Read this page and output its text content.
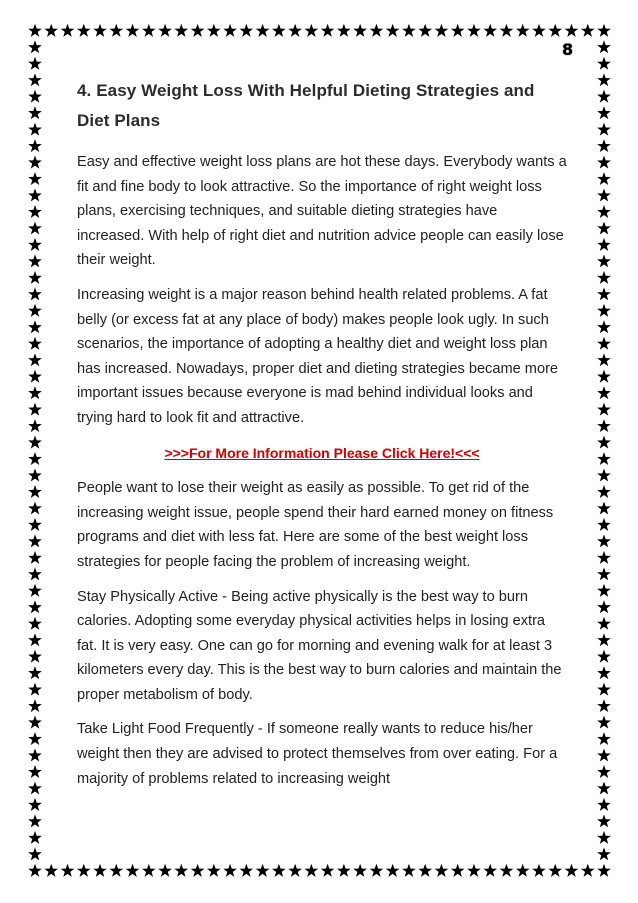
8
4. Easy Weight Loss With Helpful Dieting Strategies and Diet Plans

Easy and effective weight loss plans are hot these days. Everybody wants a fit and fine body to look attractive. So the importance of right weight loss plans, exercising techniques, and suitable dieting strategies have increased. With help of right diet and nutrition advice people can easily lose their weight.

Increasing weight is a major reason behind health related problems. A fat belly (or excess fat at any place of body) makes people look ugly. In such scenarios, the importance of adopting a healthy diet and weight loss plan has increased. Nowadays, proper diet and dieting strategies became more important issues because everyone is mad behind individual looks and trying hard to look fit and attractive.

>>>For More Information Please Click Here!<<<

People want to lose their weight as easily as possible. To get rid of the increasing weight issue, people spend their hard earned money on fitness programs and diet with less fat. Here are some of the best weight loss strategies for people facing the problem of increasing weight.

Stay Physically Active - Being active physically is the best way to burn calories. Adopting some everyday physical activities helps in losing extra fat. It is very easy. One can go for morning and evening walk for at least 3 kilometers every day. This is the best way to burn calories and maintain the proper metabolism of body.

Take Light Food Frequently - If someone really wants to reduce his/her weight then they are advised to protect themselves from over eating. For a majority of problems related to increasing weight
